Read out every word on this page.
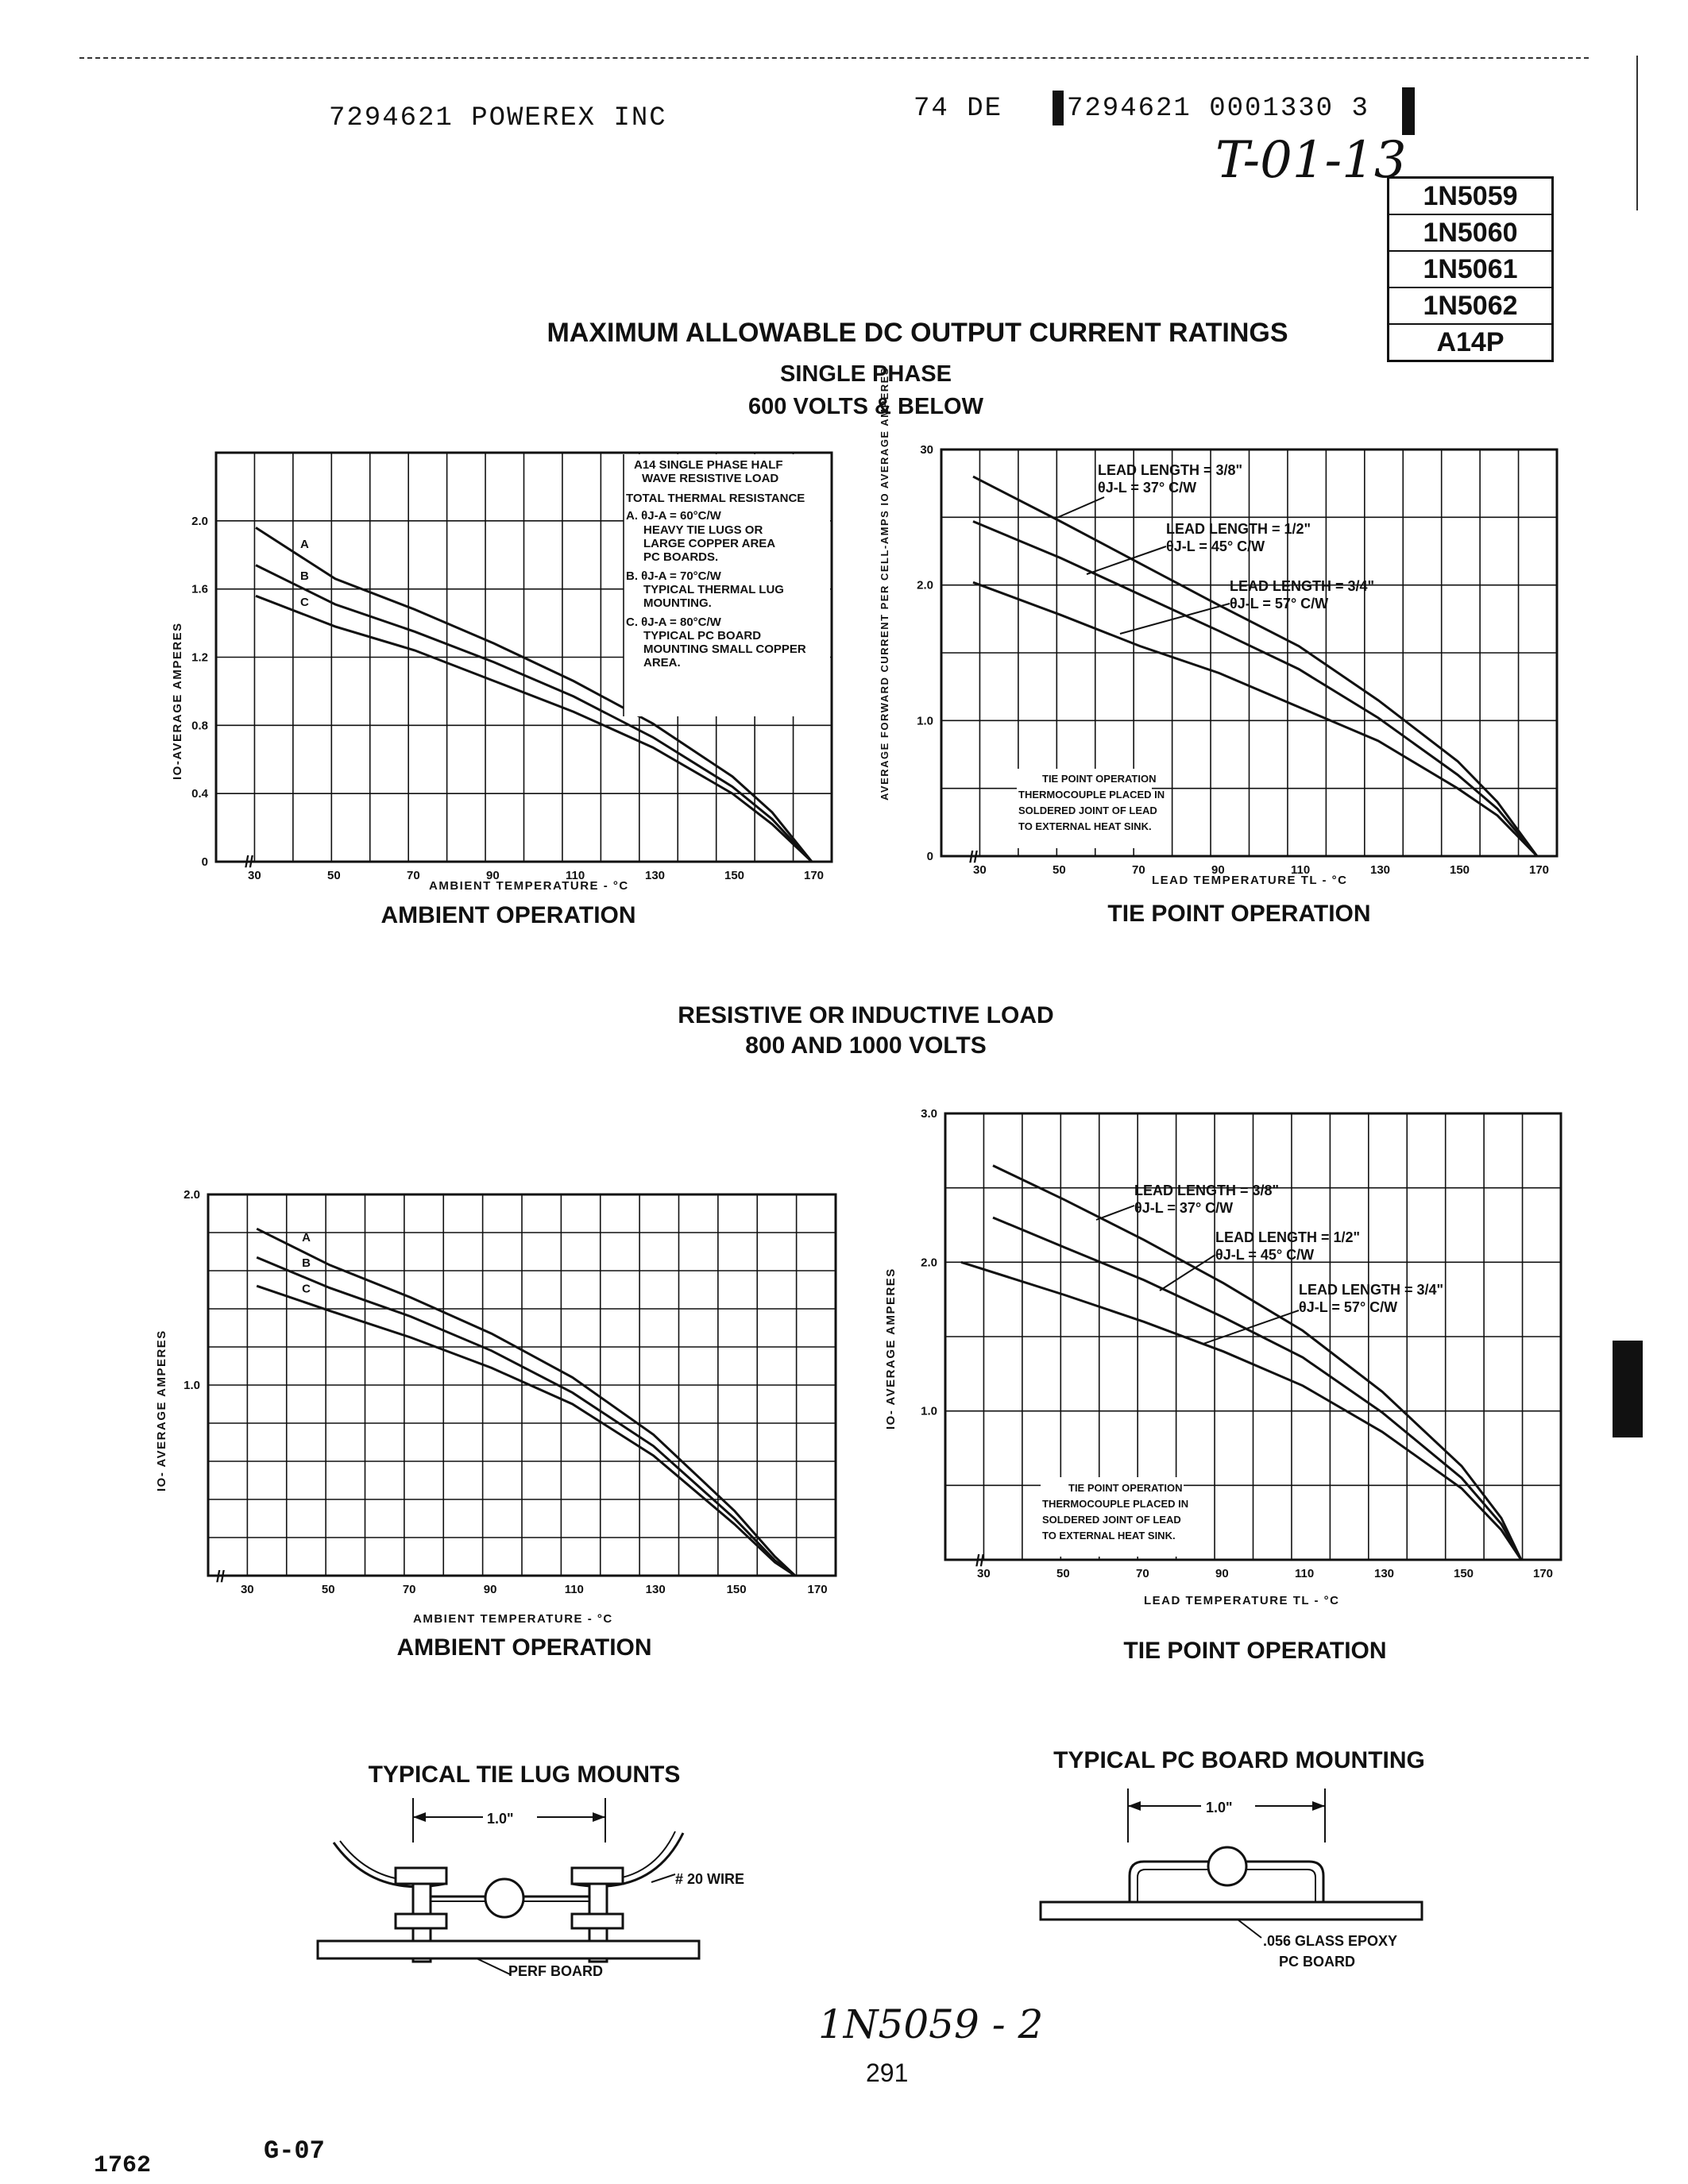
7294621 POWEREX INC	74 DE 7294621 0001330 3
T-01-13
1N5059
1N5060
1N5061
1N5062
A14P
MAXIMUM ALLOWABLE DC OUTPUT CURRENT RATINGS
SINGLE PHASE
600 VOLTS & BELOW
30	50	70	90	110	130	150	170
0
0.4
0.8
1.2
1.6
2.0
A
B
C
A14 SINGLE PHASE HALF
WAVE RESISTIVE LOAD
TOTAL THERMAL RESISTANCE
A. θJ-A = 60°C/W
HEAVY TIE LUGS OR
LARGE COPPER AREA
PC BOARDS.
B. θJ-A = 70°C/W
TYPICAL THERMAL LUG
MOUNTING.
C. θJ-A = 80°C/W
TYPICAL PC BOARD
MOUNTING SMALL COPPER
AREA.
AMBIENT TEMPERATURE - °C
IO-AVERAGE AMPERES
//
AMBIENT OPERATION
30	50	70	90	110	130	150	170
0
1.0
2.0
30
LEAD LENGTH = 3/8"
θJ-L = 37° C/W
LEAD LENGTH = 1/2"
θJ-L = 45° C/W
LEAD LENGTH = 3/4"
θJ-L = 57° C/W
TIE POINT OPERATION
THERMOCOUPLE PLACED IN
SOLDERED JOINT OF LEAD
TO EXTERNAL HEAT SINK.
LEAD TEMPERATURE TL - °C
AVERAGE FORWARD CURRENT PER CELL-AMPS IO AVERAGE AMPERES
//
TIE POINT OPERATION
RESISTIVE OR INDUCTIVE LOAD
800 AND 1000 VOLTS
30	50	70	90	110	130	150	170
1.0
2.0
A
B
C
AMBIENT TEMPERATURE - °C
IO- AVERAGE AMPERES
//
AMBIENT OPERATION
30	50	70	90	110	130	150	170
1.0
2.0
3.0
LEAD LENGTH = 3/8"
θJ-L = 37° C/W
LEAD LENGTH = 1/2"
θJ-L = 45° C/W
LEAD LENGTH = 3/4"
θJ-L = 57° C/W
TIE POINT OPERATION
THERMOCOUPLE PLACED IN
SOLDERED JOINT OF LEAD
TO EXTERNAL HEAT SINK.
LEAD TEMPERATURE TL - °C
IO- AVERAGE AMPERES
//
TIE POINT OPERATION
TYPICAL TIE LUG MOUNTS
TYPICAL PC BOARD MOUNTING
1.0"
# 20 WIRE
PERF BOARD
1.0"
.056 GLASS EPOXY
PC BOARD
1N5059 - 2
291
1762	G-07
